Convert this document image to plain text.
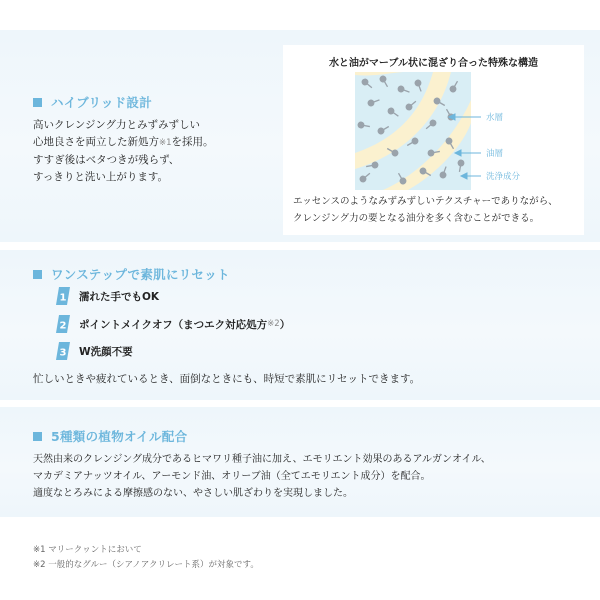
ハイブリッド設計
高いクレンジング力とみずみずしい
心地良さを両立した新処方※1を採用。
すすぎ後はベタつきが残らず、
すっきりと洗い上がります。
水と油がマーブル状に混ざり合った特殊な構造
水層
油層
洗浄成分
エッセンスのようなみずみずしいテクスチャーでありながら、
クレンジング力の要となる油分を多く含むことができる。
ワンステップで素肌にリセット
1 濡れた手でもOK
2 ポイントメイクオフ（まつエク対応処方 ※2 ）
3 W洗顔不要
忙しいときや疲れているとき、面倒なときにも、時短で素肌にリセットできます。
5種類の植物オイル配合
天然由来のクレンジング成分であるヒマワリ種子油に加え、エモリエント効果のあるアルガンオイル、
マカデミアナッツオイル、アーモンド油、オリーブ油（全てエモリエント成分）を配合。
適度なとろみによる摩擦感のない、やさしい肌ざわりを実現しました。
※1 マリークヮントにおいて
※2 一般的なグルー（シアノアクリレート系）が対象です。
